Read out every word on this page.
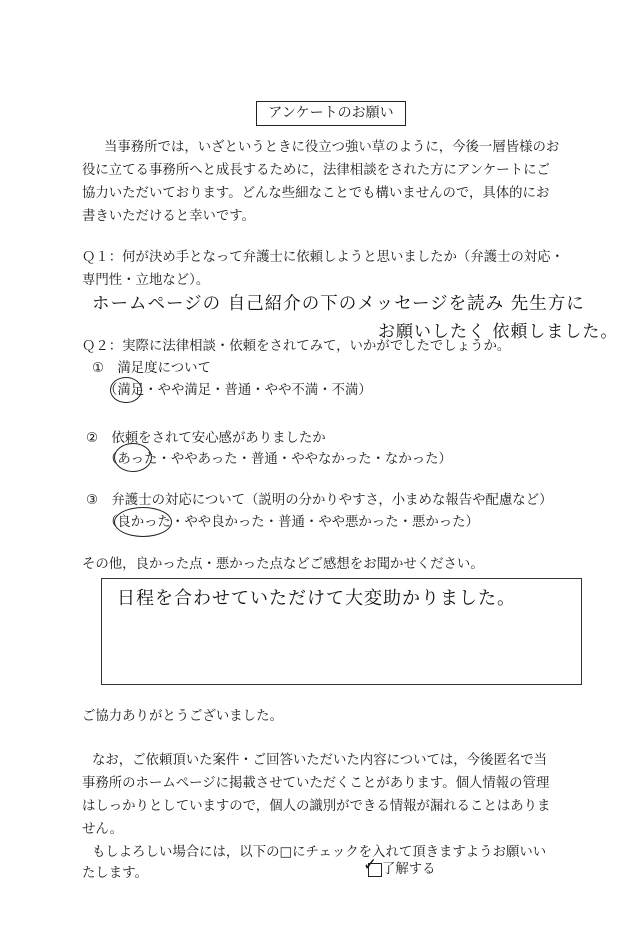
アンケートのお願い
当事務所では，いざというときに役立つ強い草のように，今後一層皆様のお
役に立てる事務所へと成長するために，法律相談をされた方にアンケートにご
協力いただいております。どんな些細なことでも構いませんので，具体的にお
書きいただけると幸いです。
Ｑ１：何が決め手となって弁護士に依頼しようと思いましたか（弁護士の対応・
専門性・立地など）。
ホームページの 自己紹介の下のメッセージを読み 先生方に
お願いしたく 依頼しました。
Ｑ２：実際に法律相談・依頼をされてみて，いかがでしたでしょうか。
①　満足度について
（満足・やや満足・普通・やや不満・不満）
②　依頼をされて安心感がありましたか
（あった・ややあった・普通・ややなかった・なかった）
③　弁護士の対応について（説明の分かりやすさ，小まめな報告や配慮など）
（良かった・やや良かった・普通・やや悪かった・悪かった）
その他，良かった点・悪かった点などご感想をお聞かせください。
日程を合わせていただけて大変助かりました。
ご協力ありがとうございました。
なお，ご依頼頂いた案件・ご回答いただいた内容については，今後匿名で当
事務所のホームページに掲載させていただくことがあります。個人情報の管理
はしっかりとしていますので，個人の識別ができる情報が漏れることはありま
せん。
もしよろしい場合には，以下の□にチェックを入れて頂きますようお願いい
たします。	✓ 了解する
